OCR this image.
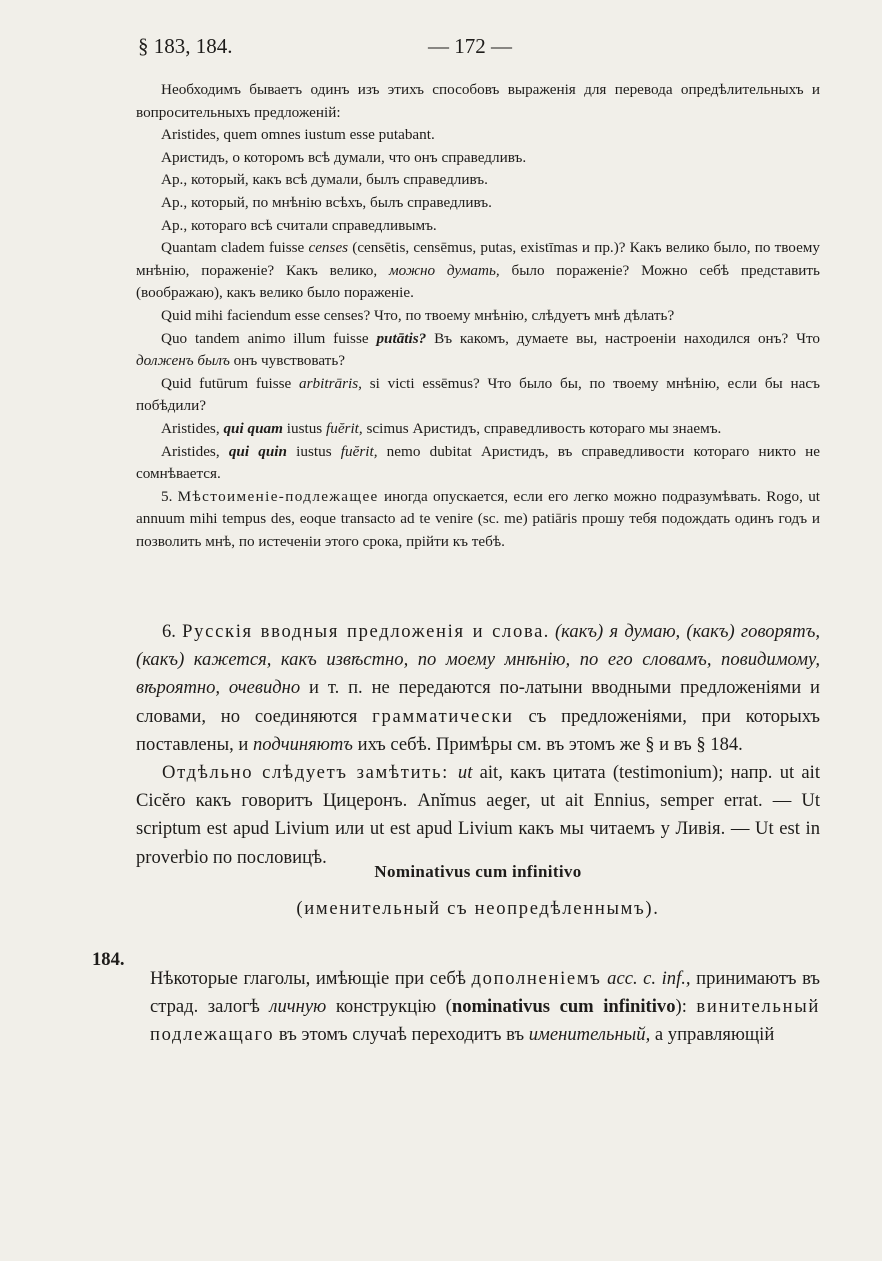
§ 183, 184.	— 172 —

Необходимъ бываетъ одинъ изъ этихъ способовъ выраженія для перевода опредѣлительныхъ и вопросительныхъ предложеній:

Aristides, quem omnes iustum esse putabant.

Аристидъ, о которомъ всѣ думали, что онъ справедливъ.

Ар., который, какъ всѣ думали, былъ справедливъ.

Ар., который, по мнѣнію всѣхъ, былъ справедливъ.

Ар., котораго всѣ считали справедливымъ.

Quantam cladem fuisse censes (censētis, censēmus, putas, existīmas и пр.)? Какъ велико было, по твоему мнѣнію, пораженіе? Какъ велико, можно думать, было пораженіе? Можно себѣ представить (воображаю), какъ велико было пораженіе.

Quid mihi faciendum esse censes? Что, по твоему мнѣнію, слѣдуетъ мнѣ дѣлать?

Quo tandem animo illum fuisse putātis? Въ какомъ, думаете вы, настроеніи находился онъ? Что долженъ былъ онъ чувствовать?

Quid futūrum fuisse arbitrāris, si victi essēmus? Что было бы, по твоему мнѣнію, если бы насъ побѣдили?

Aristides, qui quam iustus fuĕrit, scimus Аристидъ, справедливость котораго мы знаемъ.

Aristides, qui quin iustus fuĕrit, nemo dubitat Аристидъ, въ справедливости котораго никто не сомнѣвается.

5. Мѣстоименіе-подлежащее иногда опускается, если его легко можно подразумѣвать. Rogo, ut annuum mihi tempus des, eoque transacto ad te venire (sc. me) patiāris прошу тебя подождать одинъ годъ и позволить мнѣ, по истеченіи этого срока, прійти къ тебѣ.

6. Русскія вводныя предложенія и слова. (какъ) я думаю, (какъ) говорятъ, (какъ) кажется, какъ извѣстно, по моему мнѣнію, по его словамъ, повидимому, вѣроятно, очевидно и т. п. не передаются по-латыни вводными предложеніями и словами, но соединяются грамматически съ предложеніями, при которыхъ поставлены, и подчиняютъ ихъ себѣ. Примѣры см. въ этомъ же § и въ § 184.

Отдѣльно слѣдуетъ замѣтить: ut ait, какъ цитата (testimonium); напр. ut ait Cicĕro какъ говоритъ Цицеронъ. Anĭmus aeger, ut ait Ennius, semper errat. — Ut scriptum est apud Livium или ut est apud Livium какъ мы читаемъ у Ливія. — Ut est in proverbio по пословицѣ.

Nominativus cum infinitivo
(именительный съ неопредѣленнымъ).
184.

Нѣкоторые глаголы, имѣющіе при себѣ дополненіемъ acc. c. inf., принимаютъ въ страд. залогѣ личную конструкцію (nominativus cum infinitivo): винительный подлежащаго въ этомъ случаѣ переходитъ въ именительный, а управляющій
